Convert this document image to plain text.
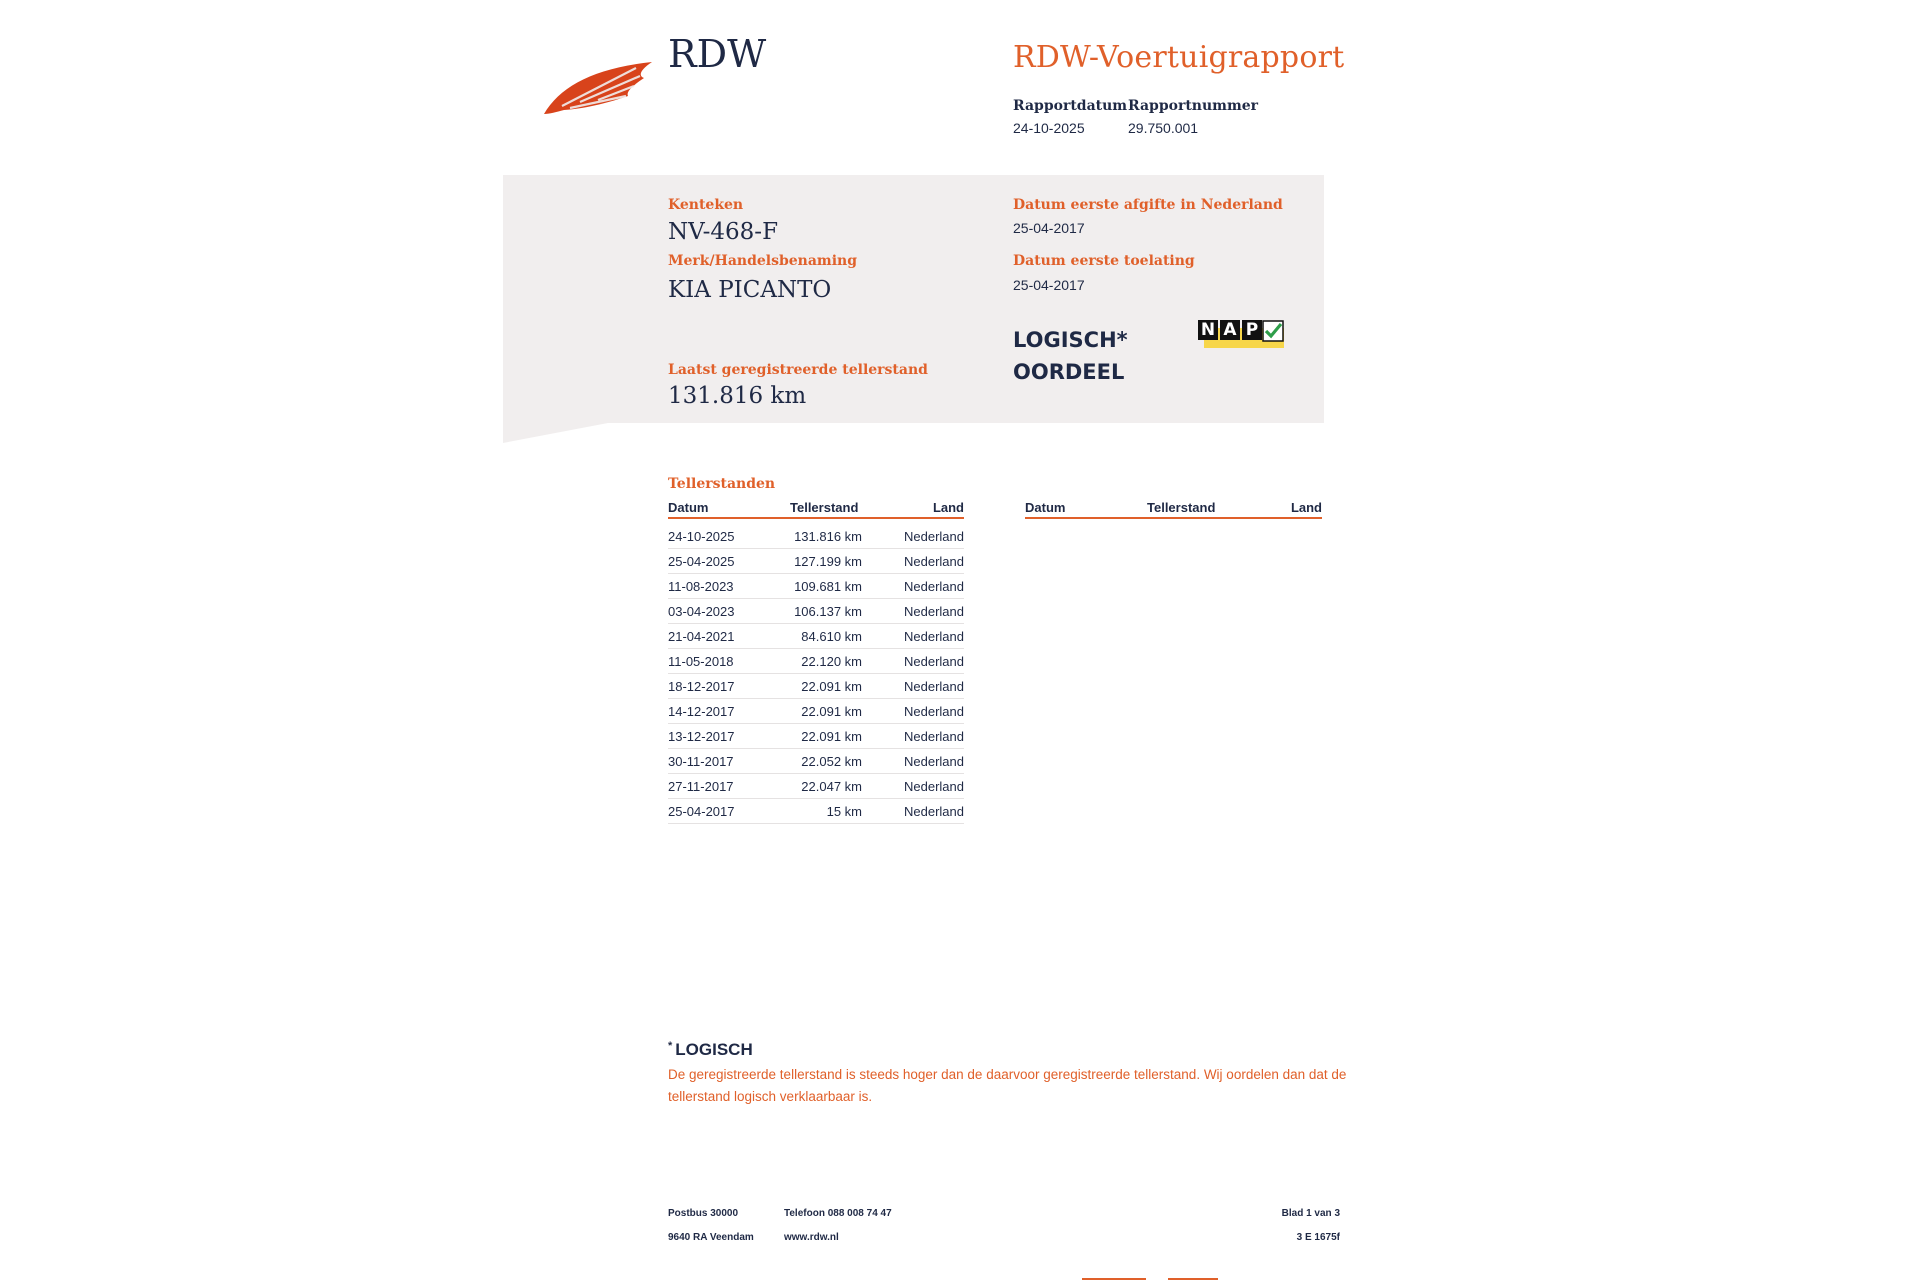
RDW	RDW-Voertuigrapport
Rapportdatum
24-10-2025
Rapportnummer
29.750.001
Kenteken
NV-468-F
Merk/Handelsbenaming
KIA PICANTO
Laatst geregistreerde tellerstand
131.816 km
Datum eerste afgifte in Nederland
25-04-2017
Datum eerste toelating
25-04-2017
LOGISCH*
OORDEEL
N A P
Tellerstanden
Datum	Tellerstand	Land	Datum	Tellerstand	Land
24-10-2025	131.816 km	Nederland
25-04-2025	127.199 km	Nederland
11-08-2023	109.681 km	Nederland
03-04-2023	106.137 km	Nederland
21-04-2021	84.610 km	Nederland
11-05-2018	22.120 km	Nederland
18-12-2017	22.091 km	Nederland
14-12-2017	22.091 km	Nederland
13-12-2017	22.091 km	Nederland
30-11-2017	22.052 km	Nederland
27-11-2017	22.047 km	Nederland
25-04-2017	15 km	Nederland
* LOGISCH
De geregistreerde tellerstand is steeds hoger dan de daarvoor geregistreerde tellerstand. Wij oordelen dan dat de tellerstand logisch verklaarbaar is.
Postbus 30000
9640 RA Veendam
Telefoon 088 008 74 47
www.rdw.nl
Blad 1 van 3
3 E 1675f
